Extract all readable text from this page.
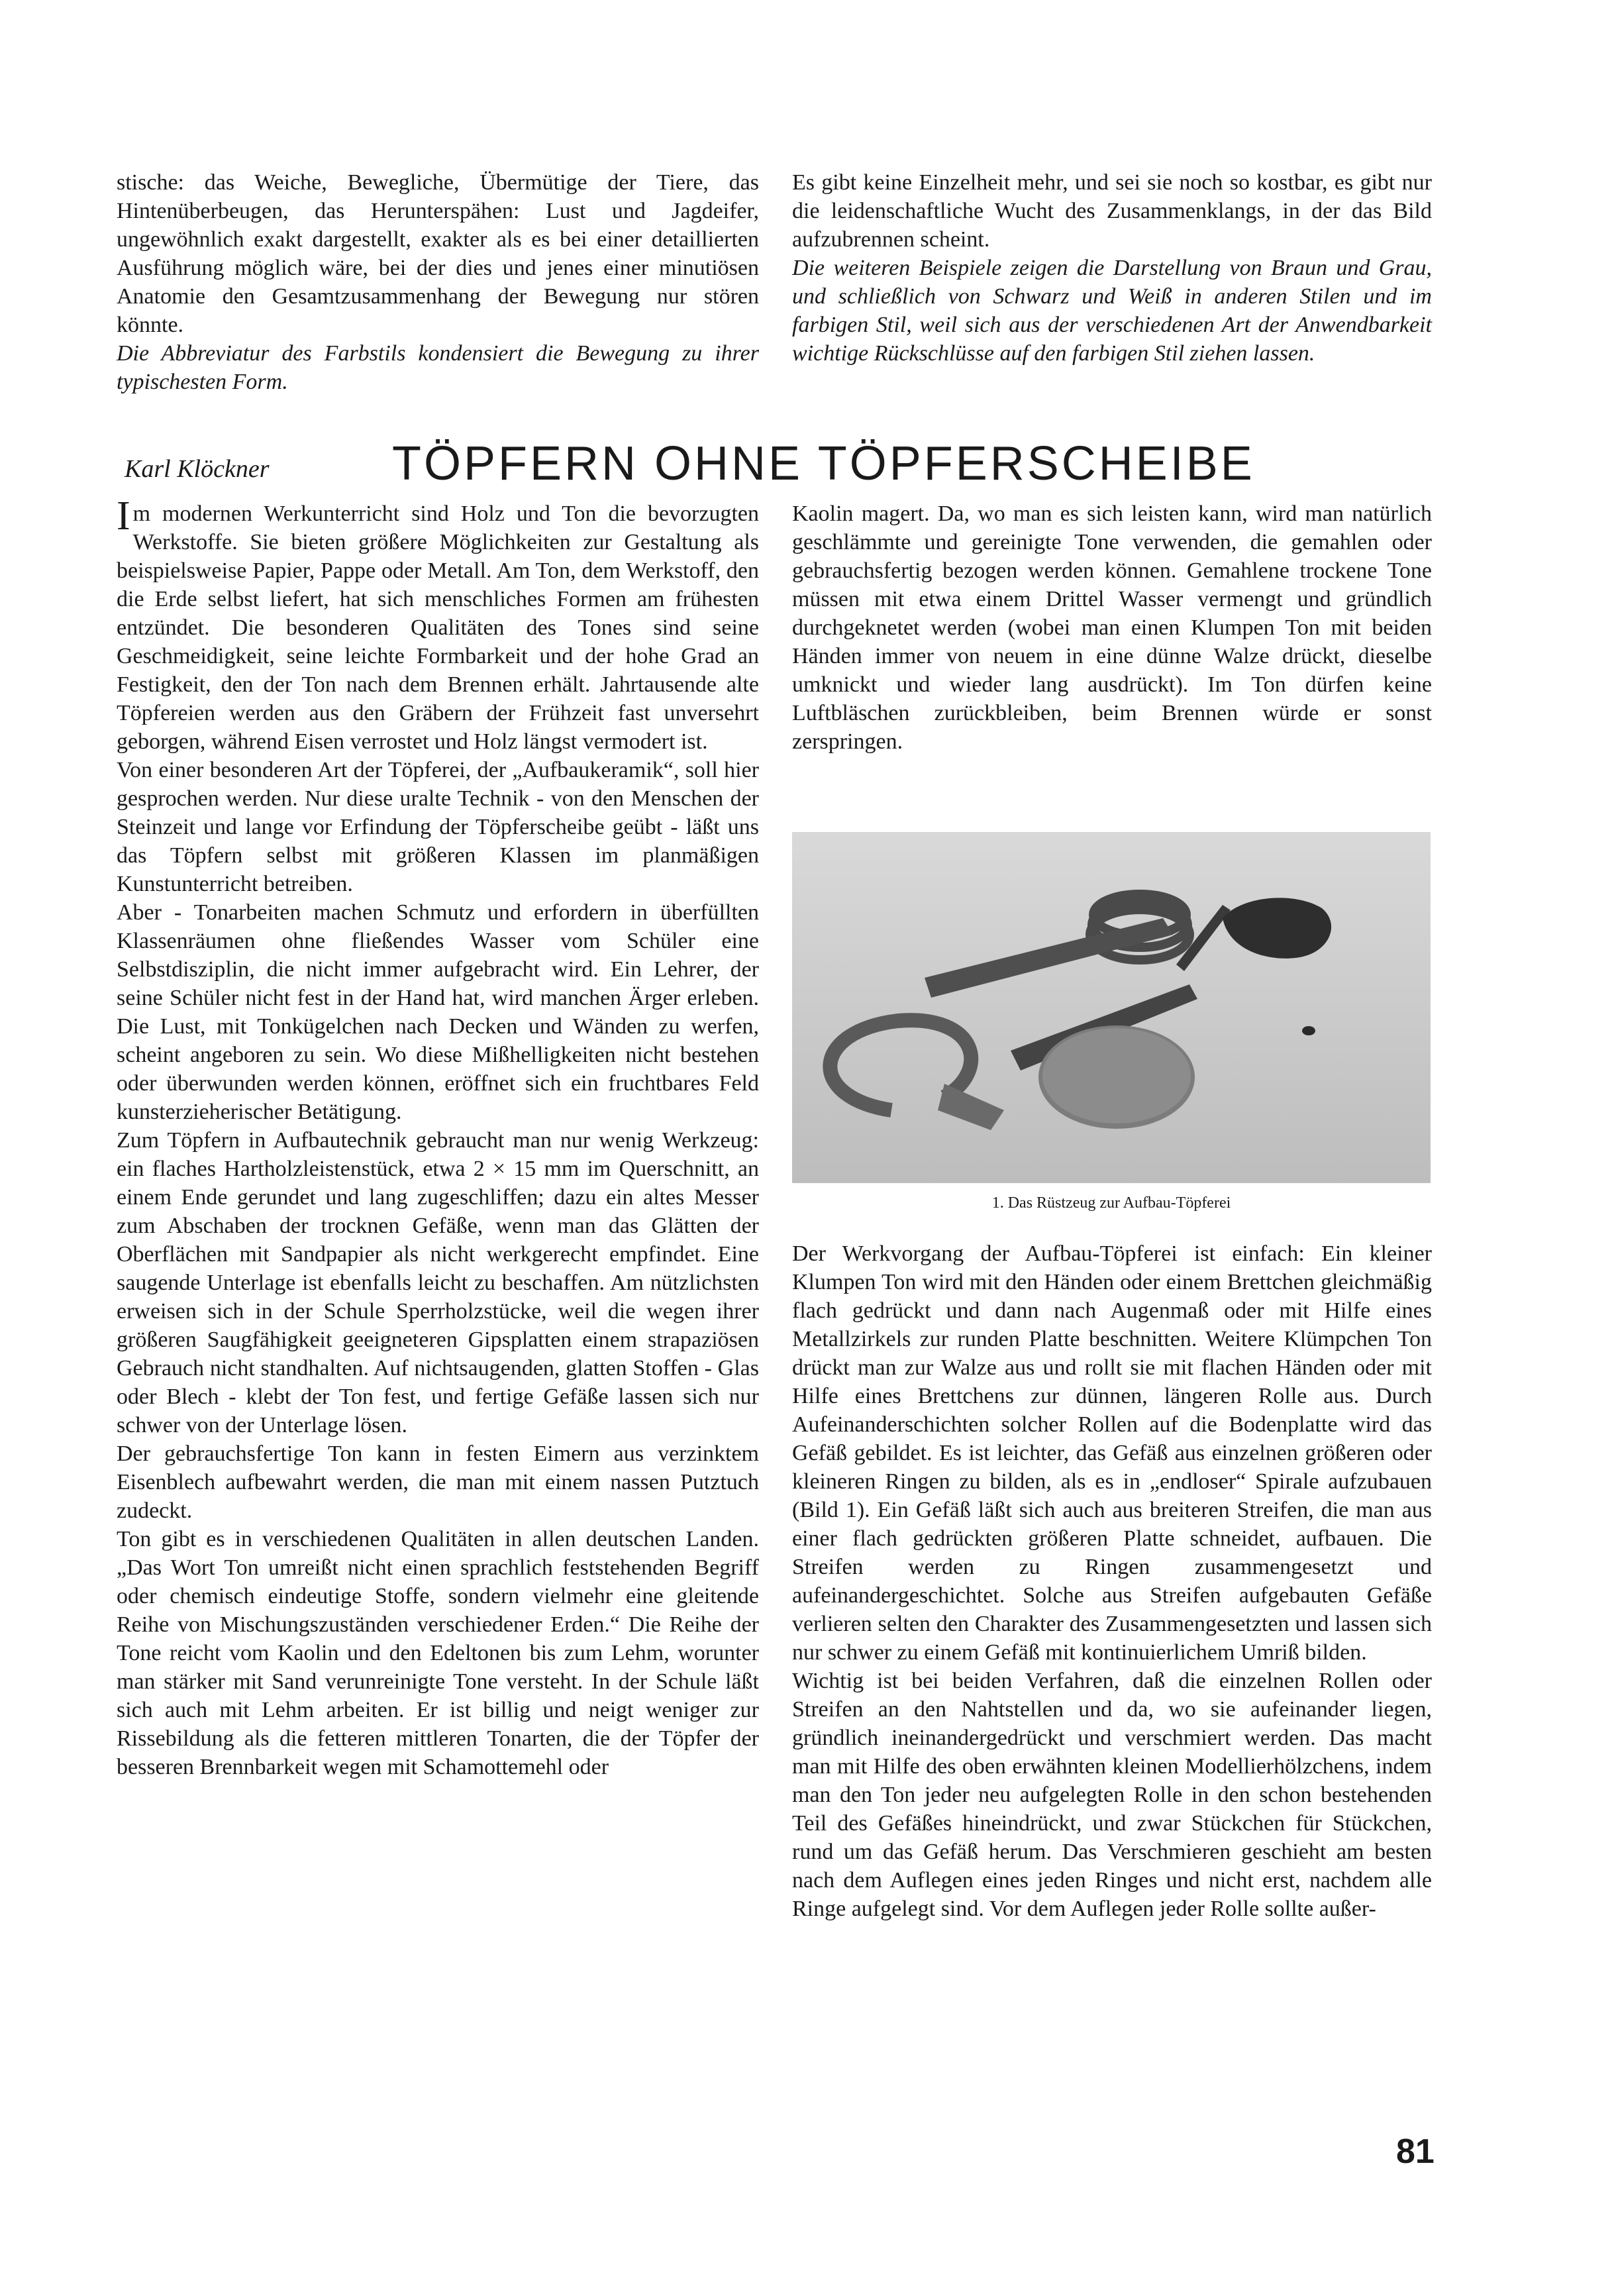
stische: das Weiche, Bewegliche, Übermütige der Tiere, das Hintenüberbeugen, das Herunterspähen: Lust und Jagdeifer, ungewöhnlich exakt dargestellt, exakter als es bei einer detaillierten Ausführung möglich wäre, bei der dies und jenes einer minutiösen Anatomie den Gesamtzusammenhang der Bewegung nur stören könnte.

Die Abbreviatur des Farbstils kondensiert die Bewegung zu ihrer typischesten Form.

Es gibt keine Einzelheit mehr, und sei sie noch so kostbar, es gibt nur die leidenschaftliche Wucht des Zusammenklangs, in der das Bild aufzubrennen scheint.

Die weiteren Beispiele zeigen die Darstellung von Braun und Grau, und schließlich von Schwarz und Weiß in anderen Stilen und im farbigen Stil, weil sich aus der verschiedenen Art der Anwendbarkeit wichtige Rückschlüsse auf den farbigen Stil ziehen lassen.

Karl Klöckner	TÖPFERN OHNE TÖPFERSCHEIBE

I m modernen Werkunterricht sind Holz und Ton die bevorzugten Werkstoffe. Sie bieten größere Möglichkeiten zur Gestaltung als beispielsweise Papier, Pappe oder Metall. Am Ton, dem Werkstoff, den die Erde selbst liefert, hat sich menschliches Formen am frühesten entzündet. Die besonderen Qualitäten des Tones sind seine Geschmeidigkeit, seine leichte Formbarkeit und der hohe Grad an Festigkeit, den der Ton nach dem Brennen erhält. Jahrtausende alte Töpfereien werden aus den Gräbern der Frühzeit fast unversehrt geborgen, während Eisen verrostet und Holz längst vermodert ist.

Von einer besonderen Art der Töpferei, der „Aufbaukeramik“, soll hier gesprochen werden. Nur diese uralte Technik - von den Menschen der Steinzeit und lange vor Erfindung der Töpferscheibe geübt - läßt uns das Töpfern selbst mit größeren Klassen im planmäßigen Kunstunterricht betreiben.

Aber - Tonarbeiten machen Schmutz und erfordern in überfüllten Klassenräumen ohne fließendes Wasser vom Schüler eine Selbstdisziplin, die nicht immer aufgebracht wird. Ein Lehrer, der seine Schüler nicht fest in der Hand hat, wird manchen Ärger erleben. Die Lust, mit Tonkügelchen nach Decken und Wänden zu werfen, scheint angeboren zu sein. Wo diese Mißhelligkeiten nicht bestehen oder überwunden werden können, eröffnet sich ein fruchtbares Feld kunsterzieherischer Betätigung.

Zum Töpfern in Aufbautechnik gebraucht man nur wenig Werkzeug: ein flaches Hartholzleistenstück, etwa 2 × 15 mm im Querschnitt, an einem Ende gerundet und lang zugeschliffen; dazu ein altes Messer zum Abschaben der trocknen Gefäße, wenn man das Glätten der Oberflächen mit Sandpapier als nicht werkgerecht empfindet. Eine saugende Unterlage ist ebenfalls leicht zu beschaffen. Am nützlichsten erweisen sich in der Schule Sperrholzstücke, weil die wegen ihrer größeren Saugfähigkeit geeigneteren Gipsplatten einem strapaziösen Gebrauch nicht standhalten. Auf nichtsaugenden, glatten Stoffen - Glas oder Blech - klebt der Ton fest, und fertige Gefäße lassen sich nur schwer von der Unterlage lösen.

Der gebrauchsfertige Ton kann in festen Eimern aus verzinktem Eisenblech aufbewahrt werden, die man mit einem nassen Putztuch zudeckt.

Ton gibt es in verschiedenen Qualitäten in allen deutschen Landen. „Das Wort Ton umreißt nicht einen sprachlich feststehenden Begriff oder chemisch eindeutige Stoffe, sondern vielmehr eine gleitende Reihe von Mischungszuständen verschiedener Erden.“ Die Reihe der Tone reicht vom Kaolin und den Edeltonen bis zum Lehm, worunter man stärker mit Sand verunreinigte Tone versteht. In der Schule läßt sich auch mit Lehm arbeiten. Er ist billig und neigt weniger zur Rissebildung als die fetteren mittleren Tonarten, die der Töpfer der besseren Brennbarkeit wegen mit Schamottemehl oder

Kaolin magert. Da, wo man es sich leisten kann, wird man natürlich geschlämmte und gereinigte Tone verwenden, die gemahlen oder gebrauchsfertig bezogen werden können. Gemahlene trockene Tone müssen mit etwa einem Drittel Wasser vermengt und gründlich durchgeknetet werden (wobei man einen Klumpen Ton mit beiden Händen immer von neuem in eine dünne Walze drückt, dieselbe umknickt und wieder lang ausdrückt). Im Ton dürfen keine Luftbläschen zurückbleiben, beim Brennen würde er sonst zerspringen.

1. Das Rüstzeug zur Aufbau-Töpferei

Der Werkvorgang der Aufbau-Töpferei ist einfach: Ein kleiner Klumpen Ton wird mit den Händen oder einem Brettchen gleichmäßig flach gedrückt und dann nach Augenmaß oder mit Hilfe eines Metallzirkels zur runden Platte beschnitten. Weitere Klümpchen Ton drückt man zur Walze aus und rollt sie mit flachen Händen oder mit Hilfe eines Brettchens zur dünnen, längeren Rolle aus. Durch Aufeinanderschichten solcher Rollen auf die Bodenplatte wird das Gefäß gebildet. Es ist leichter, das Gefäß aus einzelnen größeren oder kleineren Ringen zu bilden, als es in „endloser“ Spirale aufzubauen (Bild 1). Ein Gefäß läßt sich auch aus breiteren Streifen, die man aus einer flach gedrückten größeren Platte schneidet, aufbauen. Die Streifen werden zu Ringen zusammengesetzt und aufeinandergeschichtet. Solche aus Streifen aufgebauten Gefäße verlieren selten den Charakter des Zusammengesetzten und lassen sich nur schwer zu einem Gefäß mit kontinuierlichem Umriß bilden.

Wichtig ist bei beiden Verfahren, daß die einzelnen Rollen oder Streifen an den Nahtstellen und da, wo sie aufeinander liegen, gründlich ineinandergedrückt und verschmiert werden. Das macht man mit Hilfe des oben erwähnten kleinen Modellierhölzchens, indem man den Ton jeder neu aufgelegten Rolle in den schon bestehenden Teil des Gefäßes hineindrückt, und zwar Stückchen für Stückchen, rund um das Gefäß herum. Das Verschmieren geschieht am besten nach dem Auflegen eines jeden Ringes und nicht erst, nachdem alle Ringe aufgelegt sind. Vor dem Auflegen jeder Rolle sollte außer-

81
